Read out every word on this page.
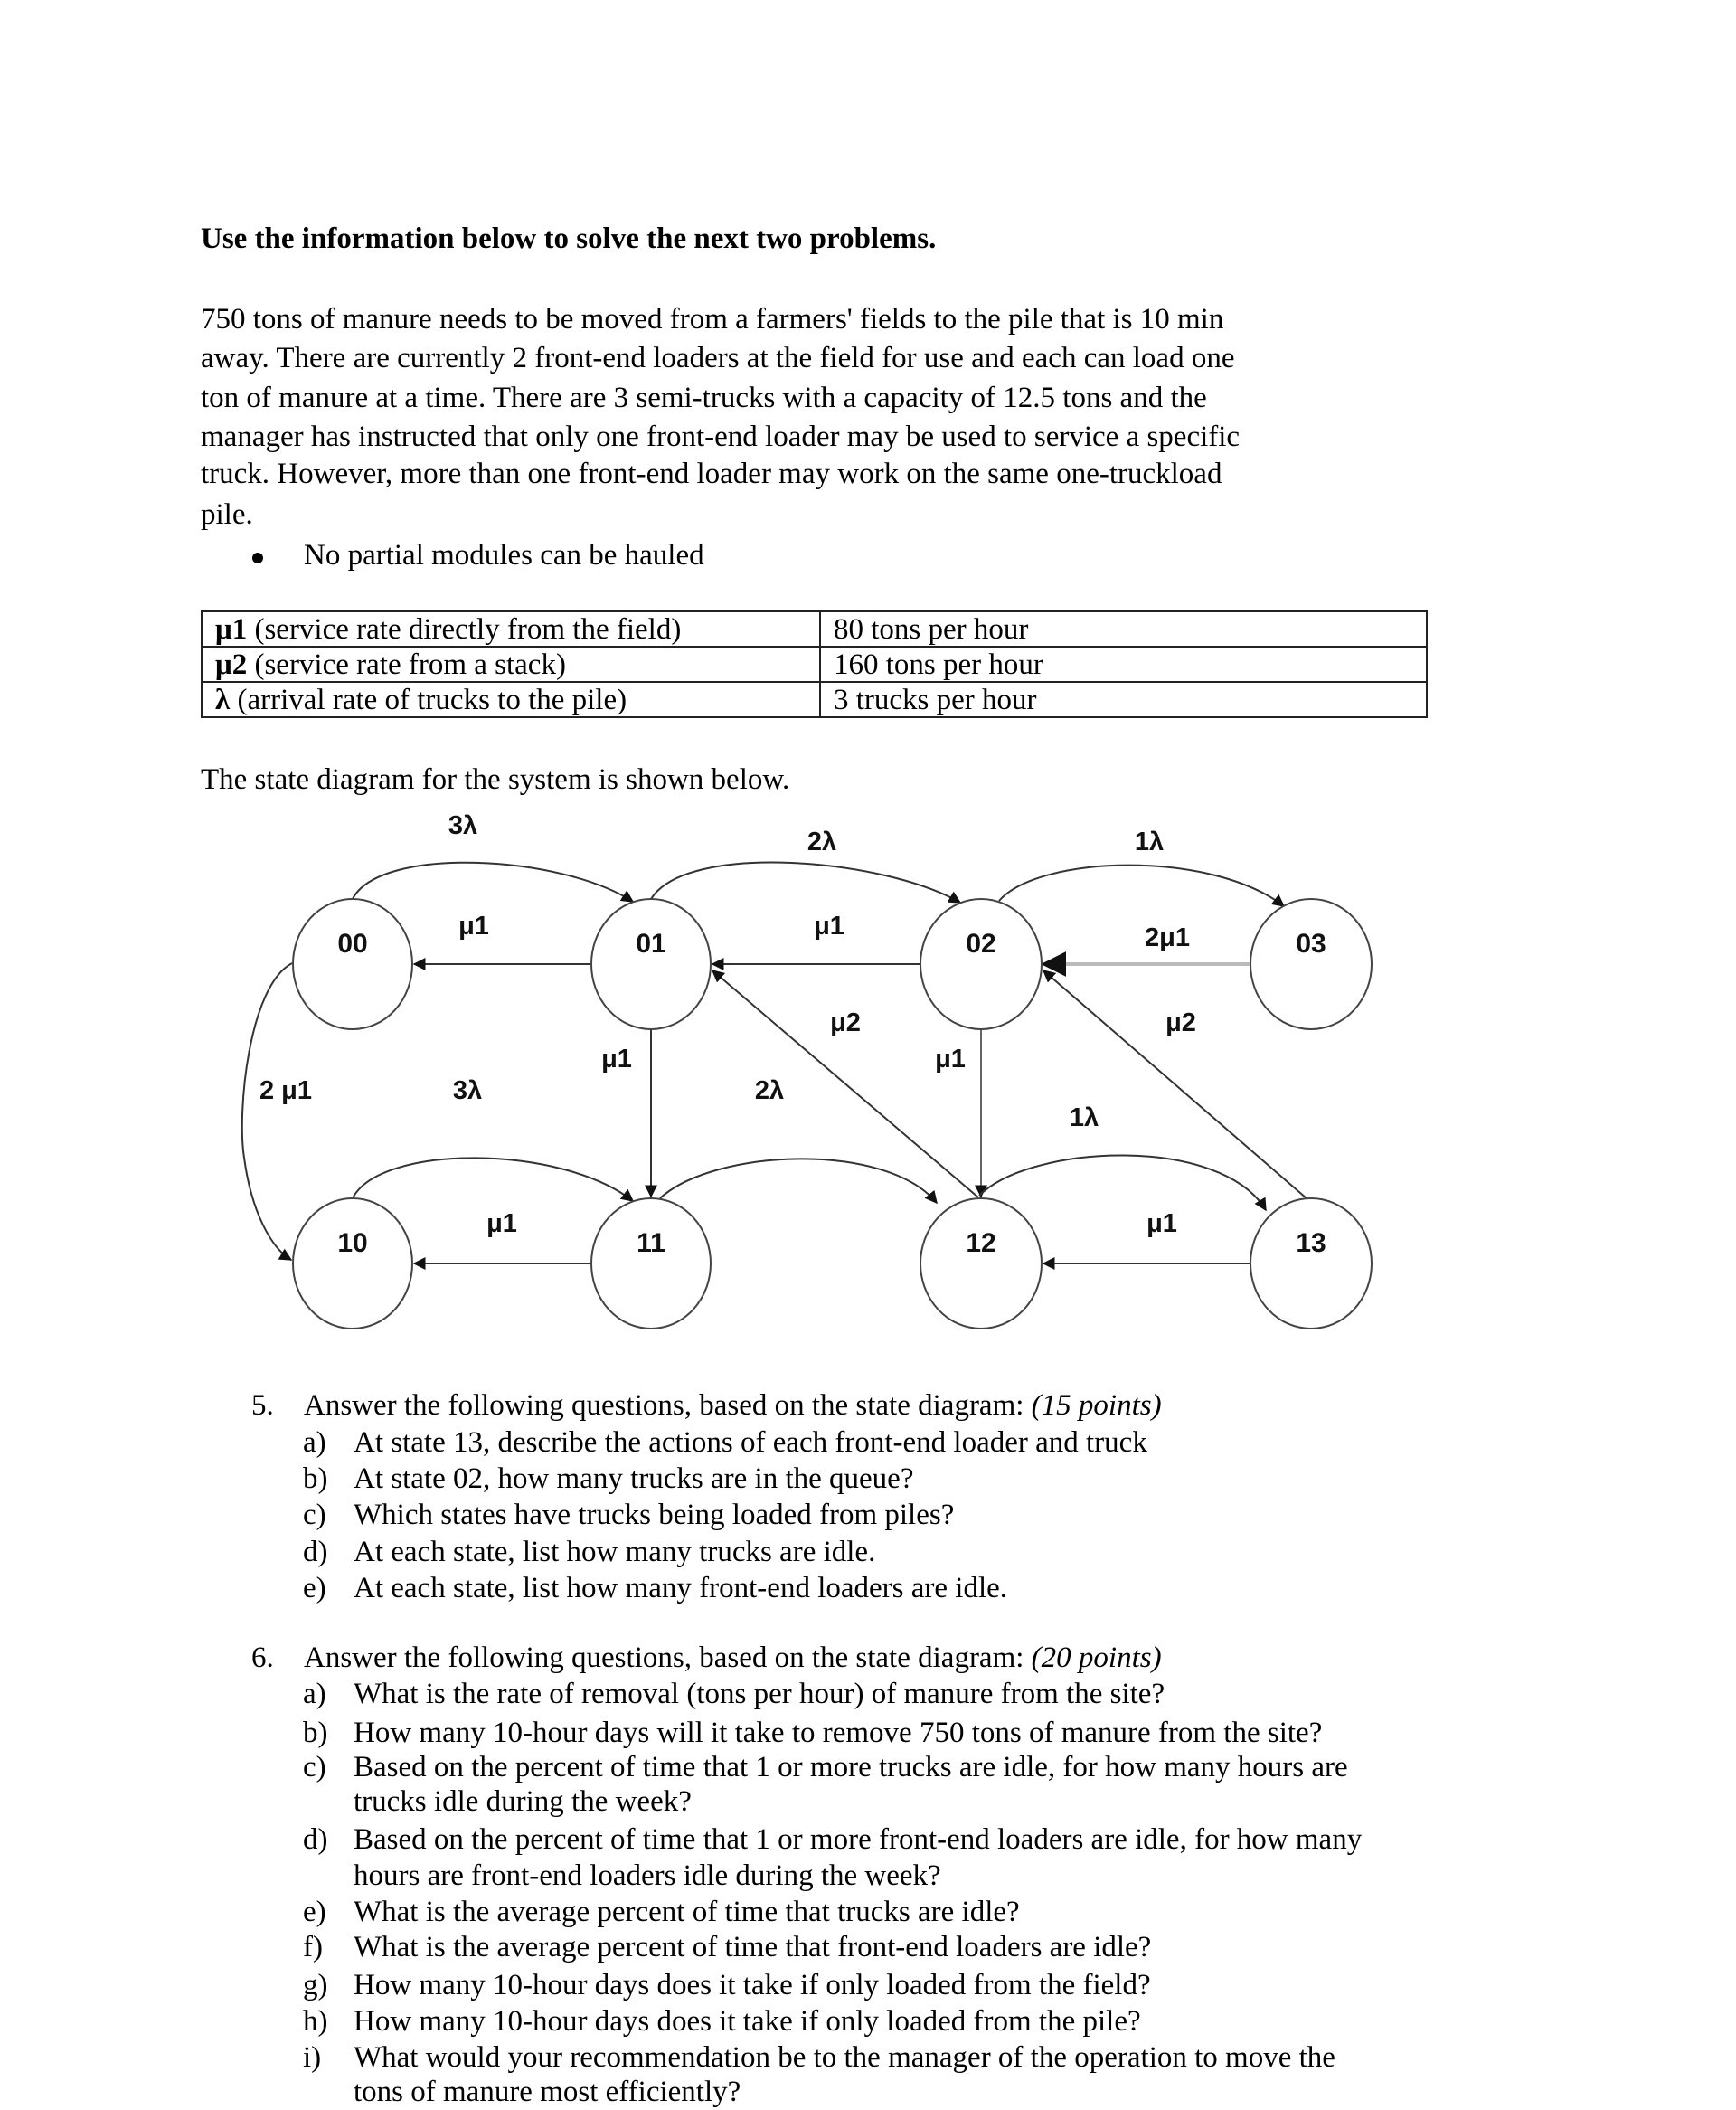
Use the information below to solve the next two problems.
750 tons of manure needs to be moved from a farmers' fields to the pile that is 10 min
away. There are currently 2 front-end loaders at the field for use and each can load one
ton of manure at a time. There are 3 semi-trucks with a capacity of 12.5 tons and the
manager has instructed that only one front-end loader may be used to service a specific
truck. However, more than one front-end loader may work on the same one-truckload
pile.
No partial modules can be hauled
μ1 (service rate directly from the field)	80 tons per hour
μ2 (service rate from a stack)	160 tons per hour
λ (arrival rate of trucks to the pile)	3 trucks per hour
The state diagram for the system is shown below.
00	01	02	03
10	11	12	13
3λ
2λ	1λ
μ1	μ1	2μ1
2 μ1	3λ	2λ
1λ
μ1	μ1
μ1	μ1
μ2	μ2
5. Answer the following questions, based on the state diagram: (15 points)
a) At state 13, describe the actions of each front-end loader and truck
b) At state 02, how many trucks are in the queue?
c) Which states have trucks being loaded from piles?
d) At each state, list how many trucks are idle.
e) At each state, list how many front-end loaders are idle.
6. Answer the following questions, based on the state diagram: (20 points)
a) What is the rate of removal (tons per hour) of manure from the site?
b) How many 10-hour days will it take to remove 750 tons of manure from the site?
c) Based on the percent of time that 1 or more trucks are idle, for how many hours are
trucks idle during the week?
d) Based on the percent of time that 1 or more front-end loaders are idle, for how many
hours are front-end loaders idle during the week?
e) What is the average percent of time that trucks are idle?
f) What is the average percent of time that front-end loaders are idle?
g) How many 10-hour days does it take if only loaded from the field?
h) How many 10-hour days does it take if only loaded from the pile?
i) What would your recommendation be to the manager of the operation to move the
tons of manure most efficiently?
